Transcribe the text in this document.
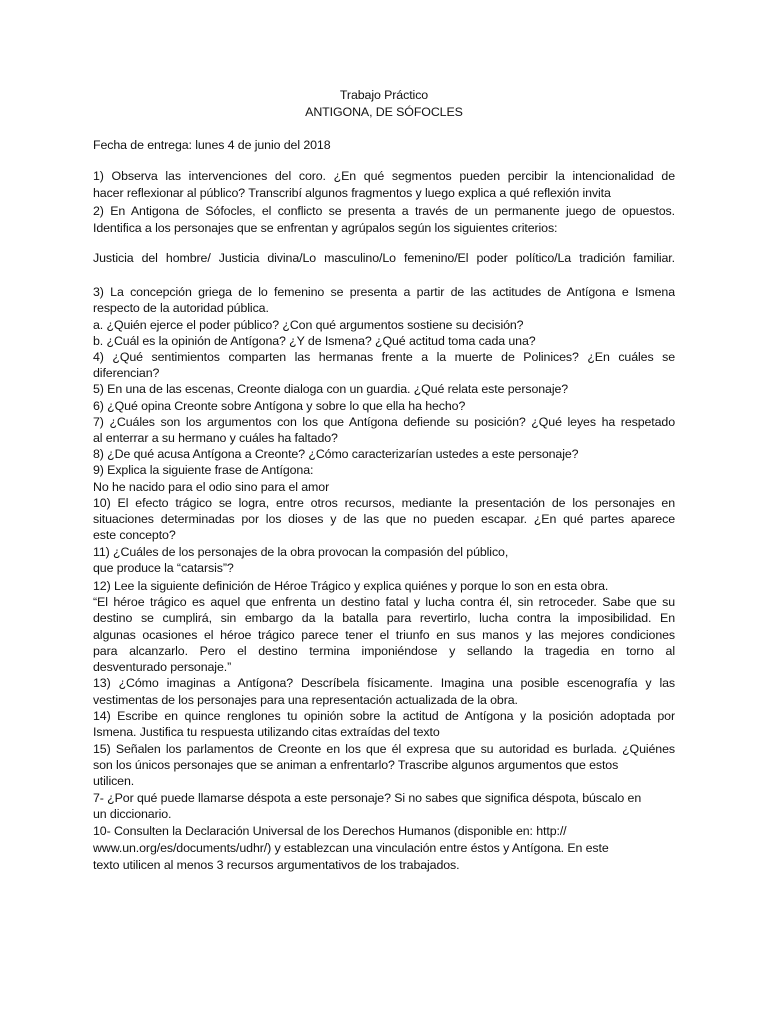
Trabajo Práctico
ANTIGONA, DE SÓFOCLES
Fecha de entrega: lunes 4 de junio del 2018
1) Observa las intervenciones del coro. ¿En qué segmentos pueden percibir la intencionalidad de
hacer reflexionar al público? Transcribí algunos fragmentos y luego explica a qué reflexión invita
2) En Antigona de Sófocles, el conflicto se presenta a través de un permanente juego de opuestos.
Identifica a los personajes que se enfrentan y agrúpalos según los siguientes criterios:
Justicia del hombre/ Justicia divina/Lo masculino/Lo femenino/El poder político/La tradición familiar.
3) La concepción griega de lo femenino se presenta a partir de las actitudes de Antígona e Ismena
respecto de la autoridad pública.
a. ¿Quién ejerce el poder público? ¿Con qué argumentos sostiene su decisión?
b. ¿Cuál es la opinión de Antígona? ¿Y de Ismena? ¿Qué actitud toma cada una?
4) ¿Qué sentimientos comparten las hermanas frente a la muerte de Polinices? ¿En cuáles se
diferencian?
5) En una de las escenas, Creonte dialoga con un guardia. ¿Qué relata este personaje?
6) ¿Qué opina Creonte sobre Antígona y sobre lo que ella ha hecho?
7) ¿Cuáles son los argumentos con los que Antígona defiende su posición? ¿Qué leyes ha respetado
al enterrar a su hermano y cuáles ha faltado?
8) ¿De qué acusa Antígona a Creonte? ¿Cómo caracterizarían ustedes a este personaje?
9) Explica la siguiente frase de Antígona:
No he nacido para el odio sino para el amor
10) El efecto trágico se logra, entre otros recursos, mediante la presentación de los personajes en
situaciones determinadas por los dioses y de las que no pueden escapar. ¿En qué partes aparece
este concepto?
11) ¿Cuáles de los personajes de la obra provocan la compasión del público,
que produce la “catarsis”?
12) Lee la siguiente definición de Héroe Trágico y explica quiénes y porque lo son en esta obra.
“El héroe trágico es aquel que enfrenta un destino fatal y lucha contra él, sin retroceder. Sabe que su
destino se cumplirá, sin embargo da la batalla para revertirlo, lucha contra la imposibilidad. En
algunas ocasiones el héroe trágico parece tener el triunfo en sus manos y las mejores condiciones
para alcanzarlo. Pero el destino termina imponiéndose y sellando la tragedia en torno al
desventurado personaje.”
13) ¿Cómo imaginas a Antígona? Descríbela físicamente. Imagina una posible escenografía y las
vestimentas de los personajes para una representación actualizada de la obra.
14) Escribe en quince renglones tu opinión sobre la actitud de Antígona y la posición adoptada por
Ismena. Justifica tu respuesta utilizando citas extraídas del texto
15) Señalen los parlamentos de Creonte en los que él expresa que su autoridad es burlada. ¿Quiénes
son los únicos personajes que se animan a enfrentarlo? Trascribe algunos argumentos que estos
utilicen.
7- ¿Por qué puede llamarse déspota a este personaje? Si no sabes que significa déspota, búscalo en
un diccionario.
10- Consulten la Declaración Universal de los Derechos Humanos (disponible en: http://
www.un.org/es/documents/udhr/) y establezcan una vinculación entre éstos y Antígona. En este
texto utilicen al menos 3 recursos argumentativos de los trabajados.
